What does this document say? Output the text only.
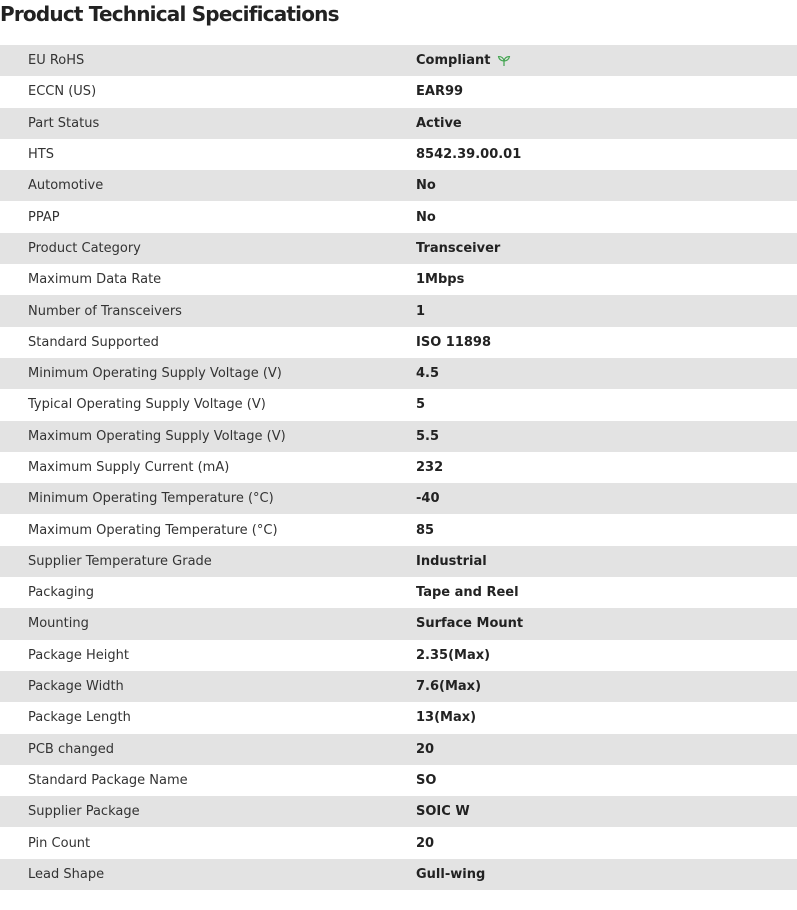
Product Technical Specifications
EU RoHS	Compliant
ECCN (US)	EAR99
Part Status	Active
HTS	8542.39.00.01
Automotive	No
PPAP	No
Product Category	Transceiver
Maximum Data Rate	1Mbps
Number of Transceivers	1
Standard Supported	ISO 11898
Minimum Operating Supply Voltage (V)	4.5
Typical Operating Supply Voltage (V)	5
Maximum Operating Supply Voltage (V)	5.5
Maximum Supply Current (mA)	232
Minimum Operating Temperature (°C)	-40
Maximum Operating Temperature (°C)	85
Supplier Temperature Grade	Industrial
Packaging	Tape and Reel
Mounting	Surface Mount
Package Height	2.35(Max)
Package Width	7.6(Max)
Package Length	13(Max)
PCB changed	20
Standard Package Name	SO
Supplier Package	SOIC W
Pin Count	20
Lead Shape	Gull-wing
